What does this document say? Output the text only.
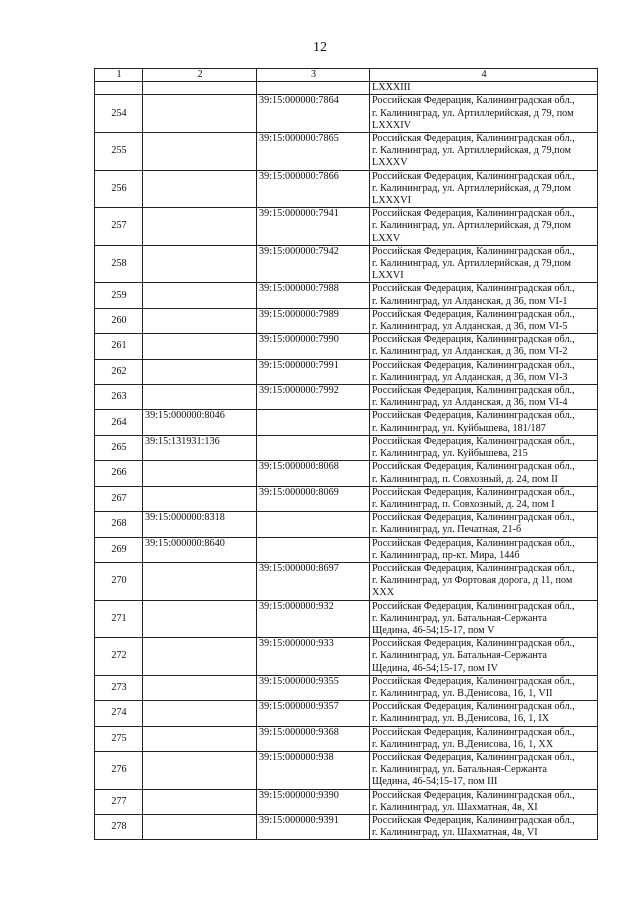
12
1	2	3	4
			LXXXIII
254		39:15:000000:7864	Российская Федерация, Калининградская обл.,
г. Калининград, ул. Артиллерийская, д 79, пом
LXXXIV

255		39:15:000000:7865	Российская Федерация, Калининградская обл.,
г. Калининград, ул. Артиллерийская, д 79,пом
LXXXV

256		39:15:000000:7866	Российская Федерация, Калининградская обл.,
г. Калининград, ул. Артиллерийская, д 79,пом
LXXXVI

257		39:15:000000:7941	Российская Федерация, Калининградская обл.,
г. Калининград, ул. Артиллерийская, д 79,пом
LXXV

258		39:15:000000:7942	Российская Федерация, Калининградская обл.,
г. Калининград, ул. Артиллерийская, д 79,пом
LXXVI

259		39:15:000000:7988	Российская Федерация, Калининградская обл.,
г. Калининград, ул Алданская, д 36, пом VI-1

260		39:15:000000:7989	Российская Федерация, Калининградская обл.,
г. Калининград, ул Алданская, д 36, пом VI-5

261		39:15:000000:7990	Российская Федерация, Калининградская обл.,
г. Калининград, ул Алданская, д 36, пом VI-2

262		39:15:000000:7991	Российская Федерация, Калининградская обл.,
г. Калининград, ул Алданская, д 36, пом VI-3

263		39:15:000000:7992	Российская Федерация, Калининградская обл.,
г. Калининград, ул Алданская, д 36, пом VI-4

264	39:15:000000:8046		Российская Федерация, Калининградская обл.,
г. Калининград, ул. Куйбышева, 181/187

265	39:15:131931:136		Российская Федерация, Калининградская обл.,
г. Калининград, ул. Куйбышева, 215

266		39:15:000000:8068	Российская Федерация, Калининградская обл.,
г. Калининград, п. Совхозный, д. 24, пом II

267		39:15:000000:8069	Российская Федерация, Калининградская обл.,
г. Калининград, п. Совхозный, д. 24, пом I

268	39:15:000000:8318		Российская Федерация, Калининградская обл.,
г. Калининград, ул. Печатная, 21-б

269	39:15:000000:8640		Российская Федерация, Калининградская обл.,
г. Калининград, пр-кт. Мира, 144б

270		39:15:000000:8697	Российская Федерация, Калининградская обл.,
г. Калининград, ул Фортовая дорога, д 11, пом
XXX

271		39:15:000000:932	Российская Федерация, Калининградская обл.,
г. Калининград, ул. Батальная-Сержанта
Щедина, 46-54;15-17, пом V

272		39:15:000000:933	Российская Федерация, Калининградская обл.,
г. Калининград, ул. Батальная-Сержанта
Щедина, 46-54;15-17, пом IV

273		39:15:000000:9355	Российская Федерация, Калининградская обл.,
г. Калининград, ул. В.Денисова, 16, 1, VII

274		39:15:000000:9357	Российская Федерация, Калининградская обл.,
г. Калининград, ул. В.Денисова, 16, 1, IX

275		39:15:000000:9368	Российская Федерация, Калининградская обл.,
г. Калининград, ул. В.Денисова, 16, 1, XX

276		39:15:000000:938	Российская Федерация, Калининградская обл.,
г. Калининград, ул. Батальная-Сержанта
Щедина, 46-54;15-17, пом III

277		39:15:000000:9390	Российская Федерация, Калининградская обл.,
г. Калининград, ул. Шахматная, 4в, XI

278		39:15:000000:9391	Российская Федерация, Калининградская обл.,
г. Калининград, ул. Шахматная, 4в, VI
